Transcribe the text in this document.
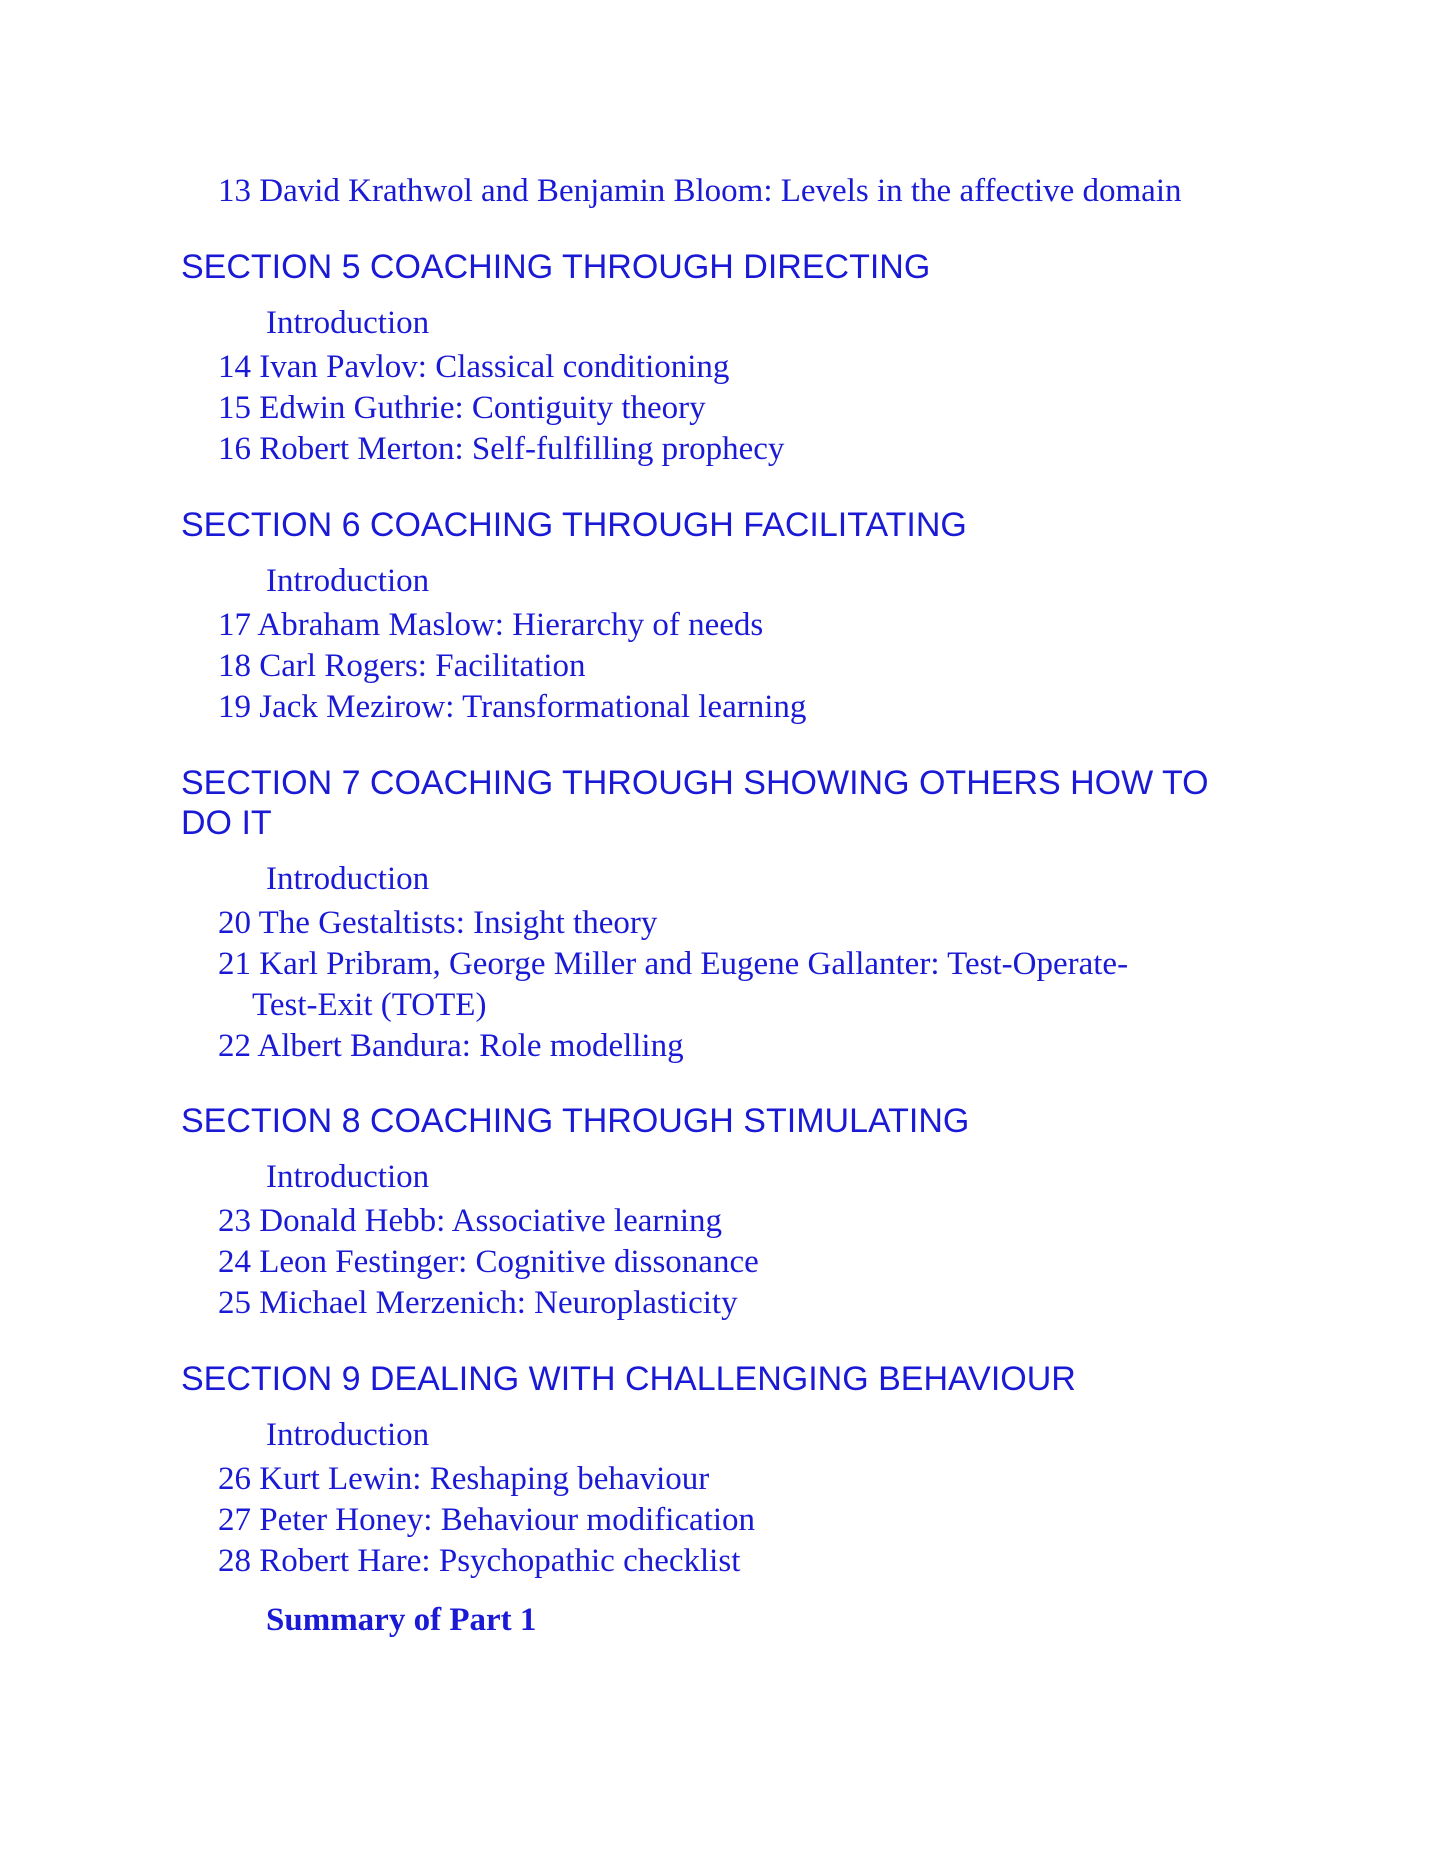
13 David Krathwol and Benjamin Bloom: Levels in the affective domain
SECTION 5 COACHING THROUGH DIRECTING
Introduction
14 Ivan Pavlov: Classical conditioning
15 Edwin Guthrie: Contiguity theory
16 Robert Merton: Self-fulfilling prophecy
SECTION 6 COACHING THROUGH FACILITATING
Introduction
17 Abraham Maslow: Hierarchy of needs
18 Carl Rogers: Facilitation
19 Jack Mezirow: Transformational learning
SECTION 7 COACHING THROUGH SHOWING OTHERS HOW TO
DO IT
Introduction
20 The Gestaltists: Insight theory
21 Karl Pribram, George Miller and Eugene Gallanter: Test-Operate-
Test-Exit (TOTE)
22 Albert Bandura: Role modelling
SECTION 8 COACHING THROUGH STIMULATING
Introduction
23 Donald Hebb: Associative learning
24 Leon Festinger: Cognitive dissonance
25 Michael Merzenich: Neuroplasticity
SECTION 9 DEALING WITH CHALLENGING BEHAVIOUR
Introduction
26 Kurt Lewin: Reshaping behaviour
27 Peter Honey: Behaviour modification
28 Robert Hare: Psychopathic checklist
Summary of Part 1
